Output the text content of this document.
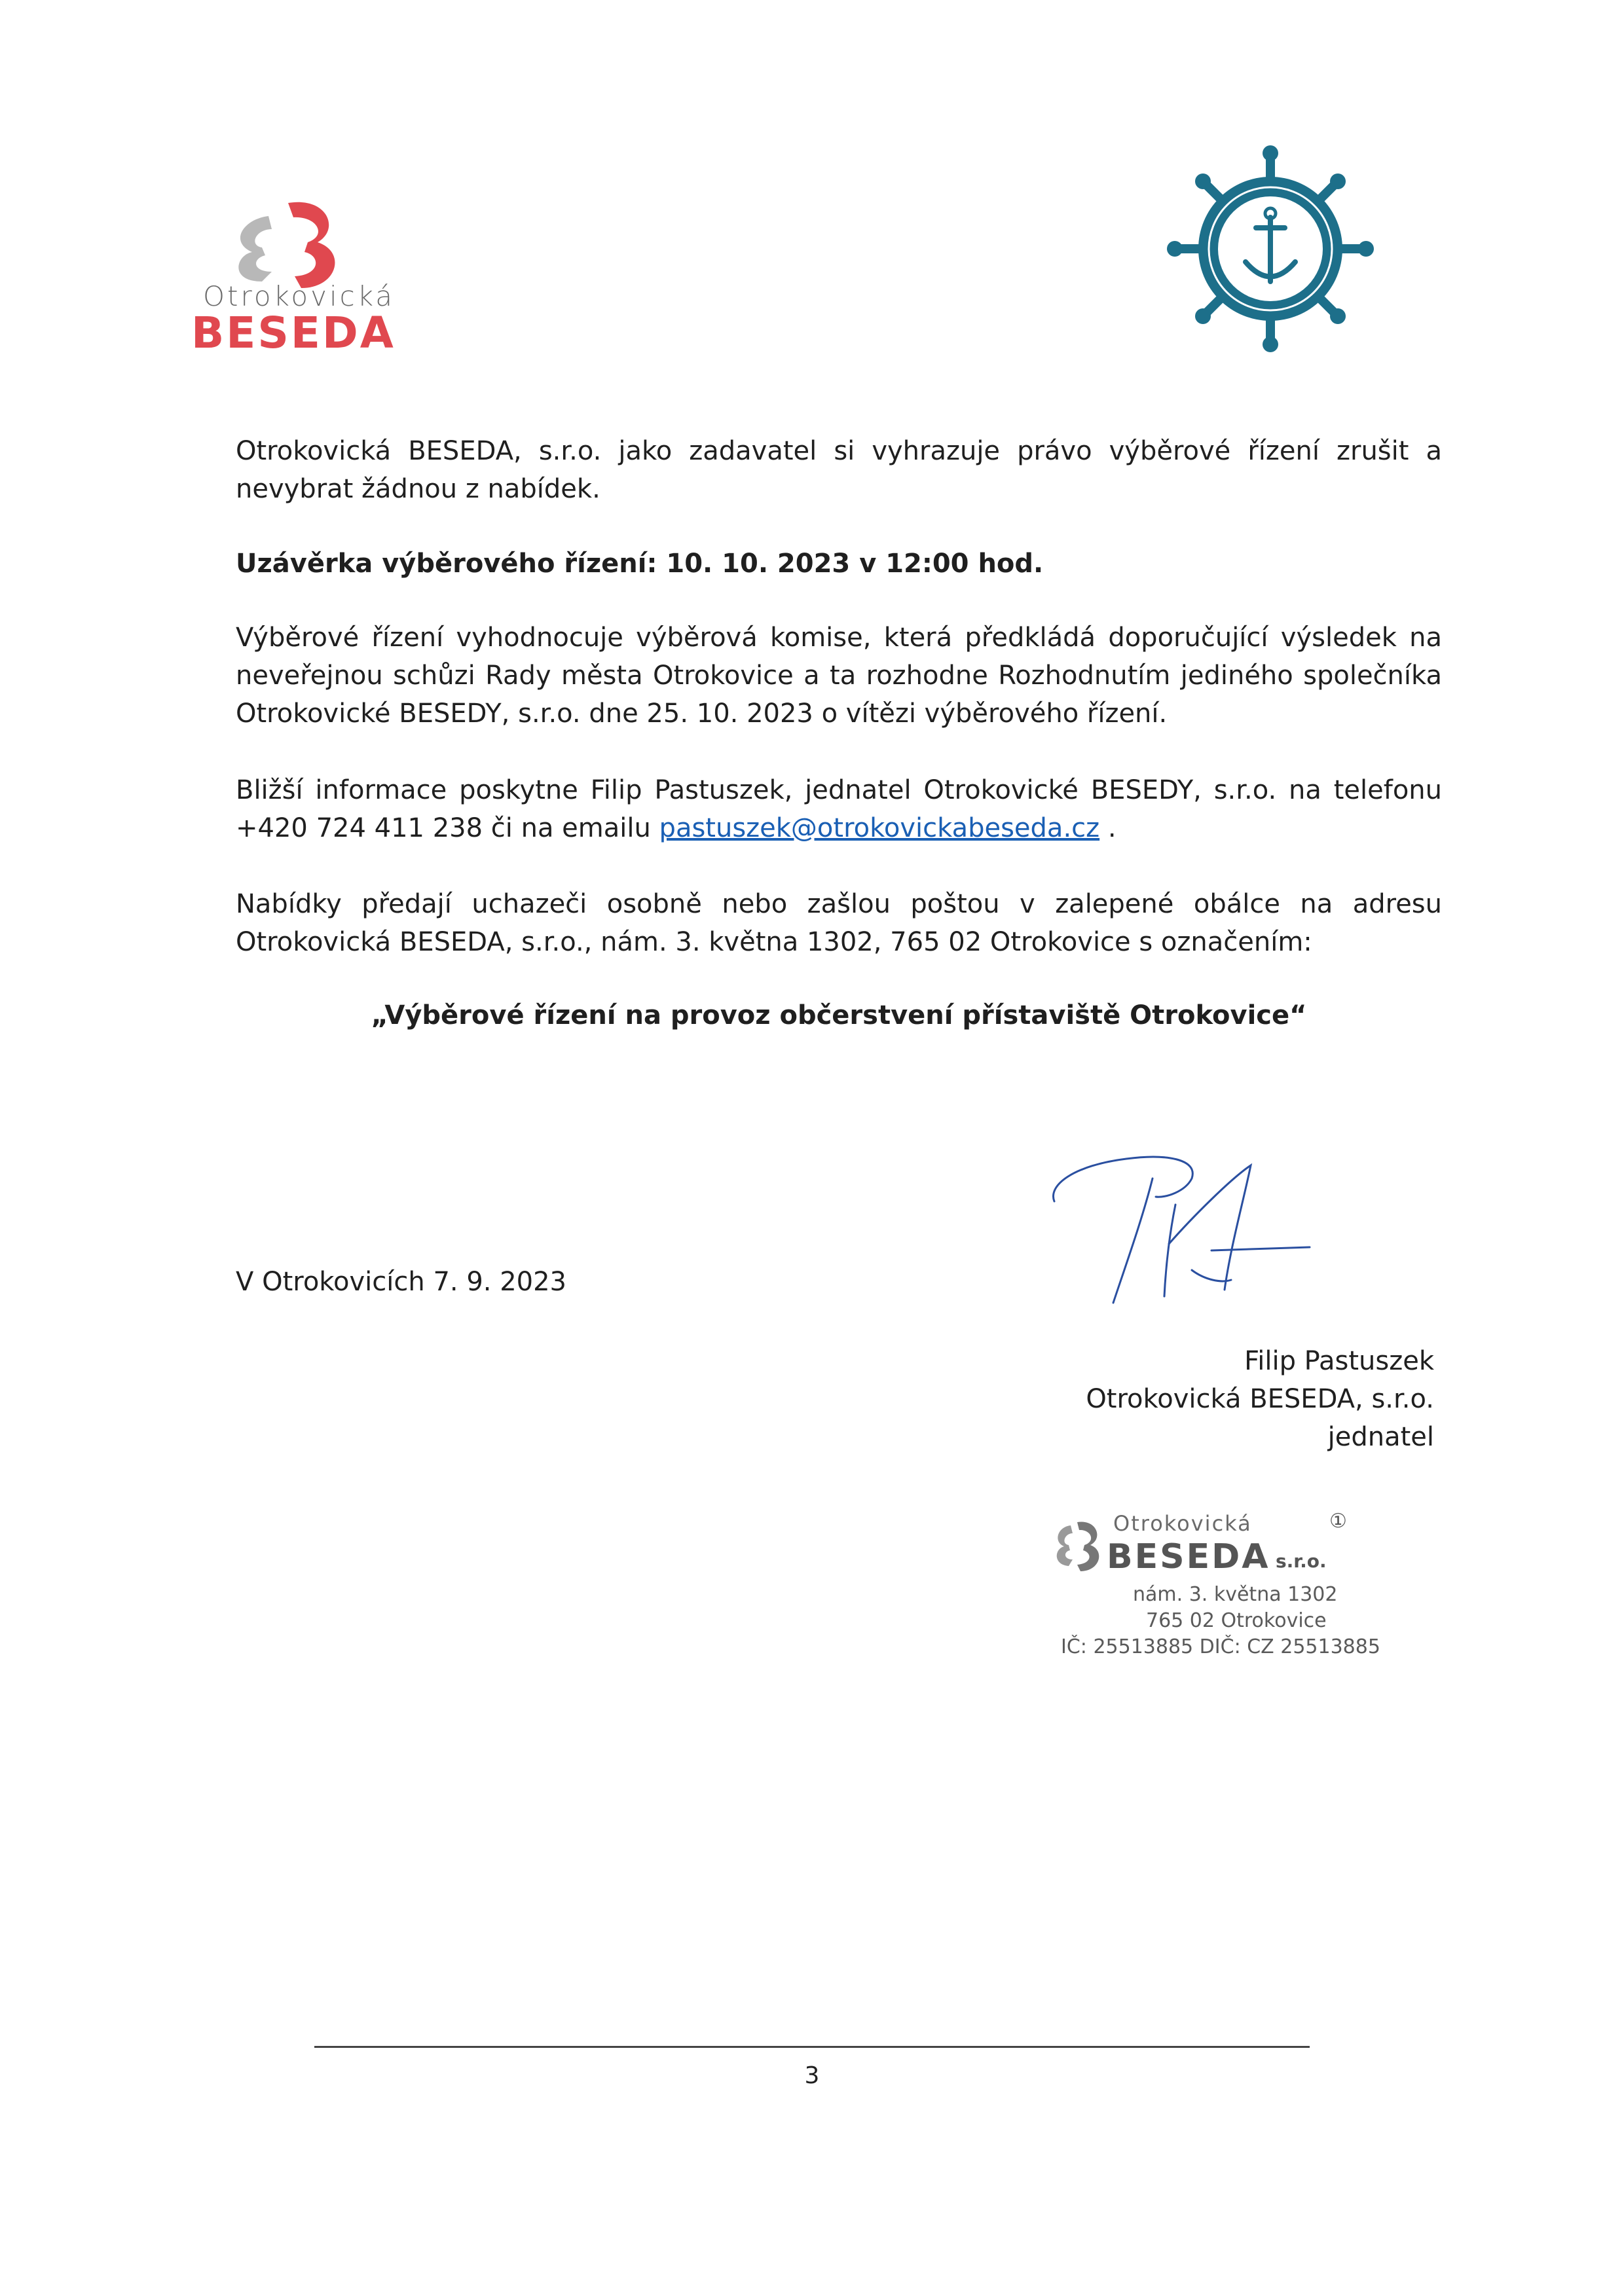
Otrokovická
BESEDA

Otrokovická BESEDA, s.r.o. jako zadavatel si vyhrazuje právo výběrové řízení zrušit a nevybrat žádnou z nabídek.

Uzávěrka výběrového řízení: 10. 10. 2023 v 12:00 hod.

Výběrové řízení vyhodnocuje výběrová komise, která předkládá doporučující výsledek na neveřejnou schůzi Rady města Otrokovice a ta rozhodne Rozhodnutím jediného společníka Otrokovické BESEDY, s.r.o. dne 25. 10. 2023 o vítězi výběrového řízení.

Bližší informace poskytne Filip Pastuszek, jednatel Otrokovické BESEDY, s.r.o. na telefonu +420 724 411 238 či na emailu pastuszek@otrokovickabeseda.cz .

Nabídky předají uchazeči osobně nebo zašlou poštou v zalepené obálce na adresu Otrokovická BESEDA, s.r.o., nám. 3. května 1302, 765 02 Otrokovice s označením:

„Výběrové řízení na provoz občerstvení přístaviště Otrokovice“
V Otrokovicích 7. 9. 2023
Filip Pastuszek
Otrokovická BESEDA, s.r.o.
jednatel
Otrokovická	①
BESEDA s.r.o.
nám. 3. května 1302
765 02 Otrokovice
IČ: 25513885 DIČ: CZ 25513885
3
